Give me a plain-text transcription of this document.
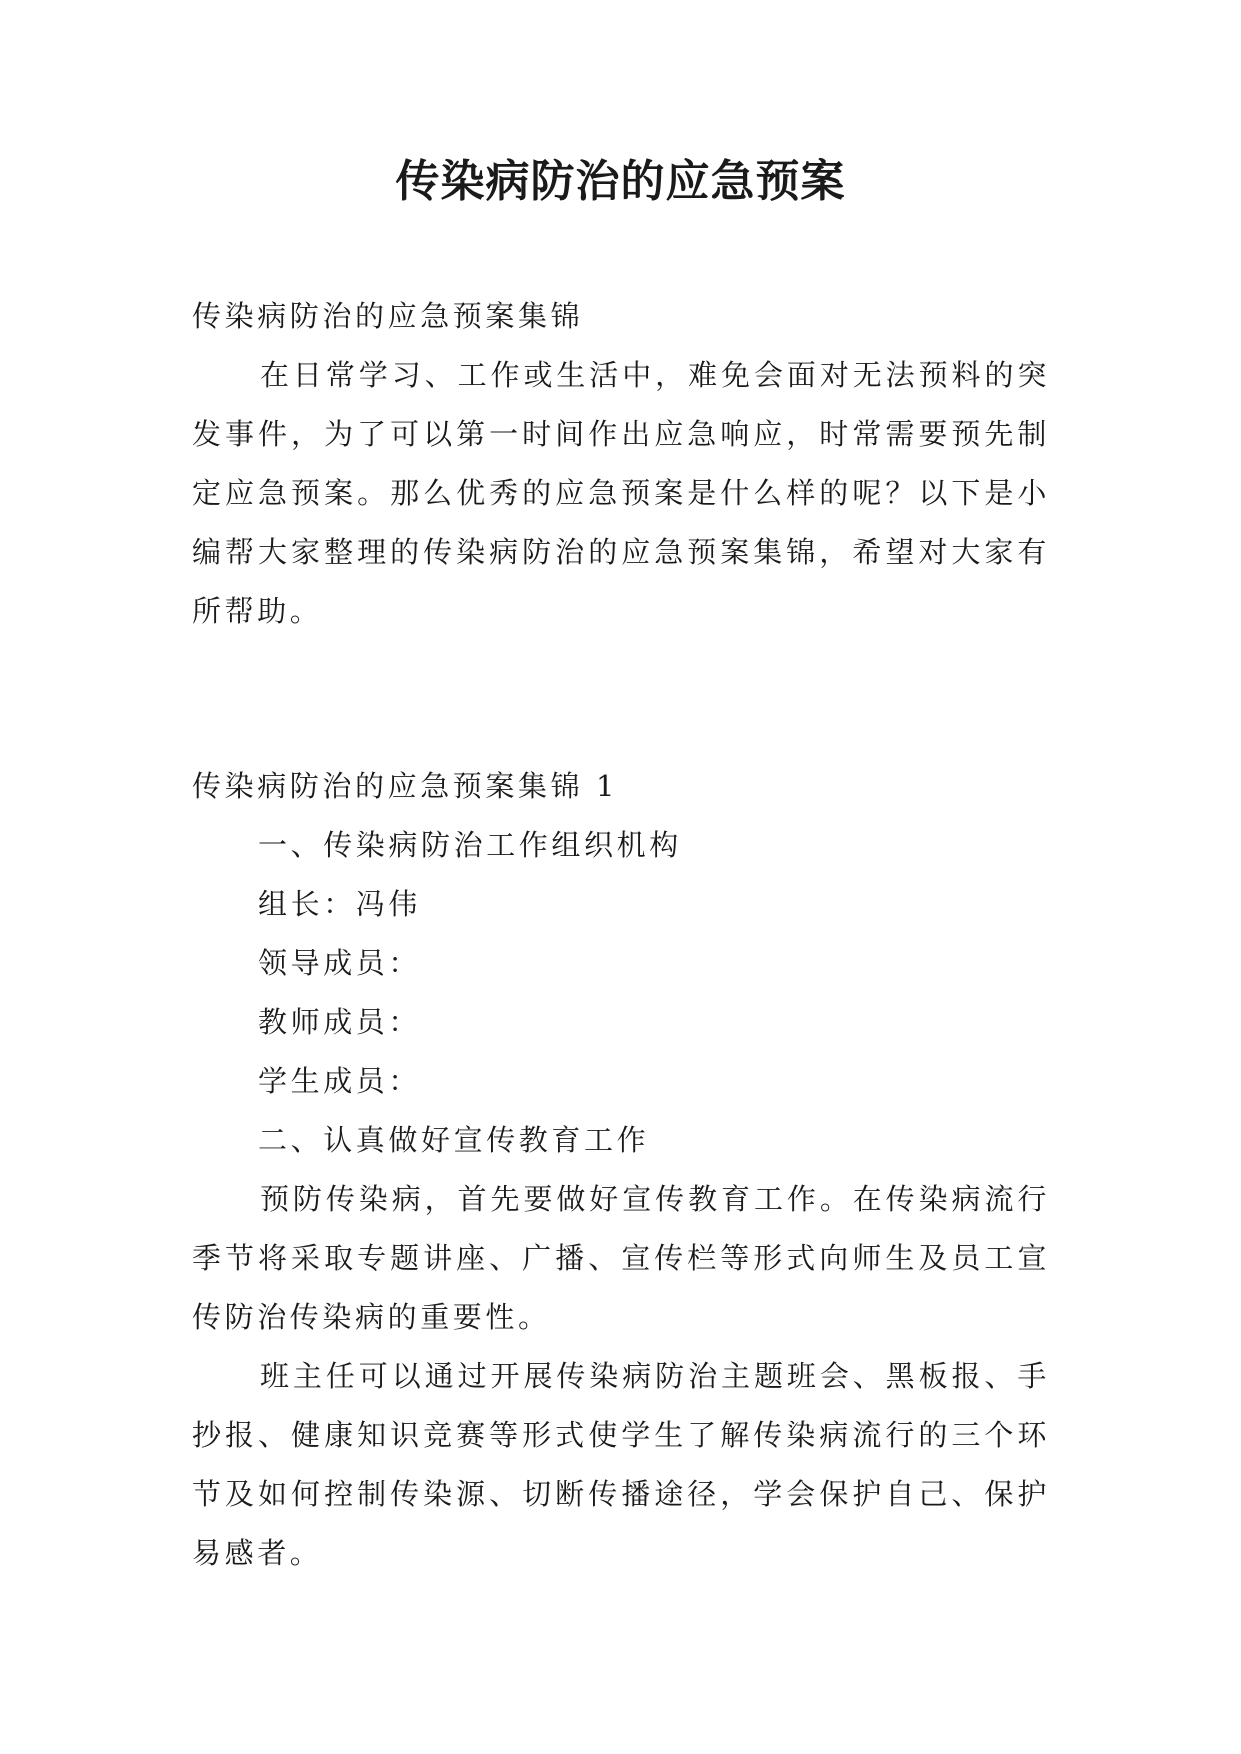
传染病防治的应急预案

传染病防治的应急预案集锦

在日常学习、工作或生活中，难免会面对无法预料的突发事件，为了可以第一时间作出应急响应，时常需要预先制定应急预案。那么优秀的应急预案是什么样的呢？以下是小编帮大家整理的传染病防治的应急预案集锦，希望对大家有所帮助。

传染病防治的应急预案集锦 1

一、传染病防治工作组织机构

组长：冯伟

领导成员：

教师成员：

学生成员：

二、认真做好宣传教育工作

预防传染病，首先要做好宣传教育工作。在传染病流行季节将采取专题讲座、广播、宣传栏等形式向师生及员工宣传防治传染病的重要性。

班主任可以通过开展传染病防治主题班会、黑板报、手抄报、健康知识竞赛等形式使学生了解传染病流行的三个环节及如何控制传染源、切断传播途径，学会保护自己、保护易感者。
